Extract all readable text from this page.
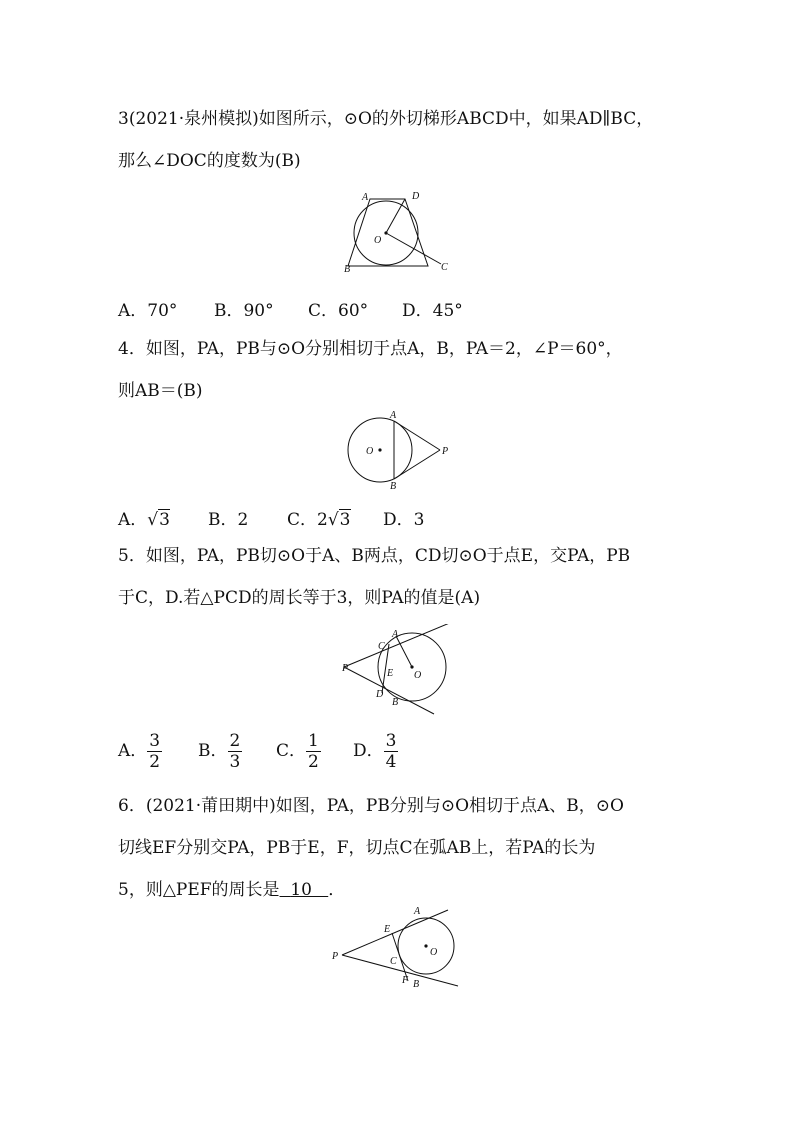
3(2021·泉州模拟)如图所示，⊙O的外切梯形ABCD中，如果AD∥BC，
那么∠DOC的度数为(B)
A	D
O
B	C
A．70° B．90° C．60° D．45°
4．如图，PA，PB与⊙O分别相切于点A，B，PA＝2，∠P＝60°，
则AB＝(B)
A
O	P
B
A．√3 B．2 C．2√3 D．3
5．如图，PA，PB切⊙O于A、B两点，CD切⊙O于点E，交PA，PB
于C，D.若△PCD的周长等于3，则PA的值是(A)
C
A
P	E O
D
B
A． $\frac{3}{2}$ B． $\frac{2}{3}$ C． $\frac{1}{2}$ D． $\frac{3}{4}$
6．(2021·莆田期中)如图，PA，PB分别与⊙O相切于点A、B，⊙O
切线EF分别交PA，PB于E，F，切点C在弧AB上，若PA的长为
5，则△PEF的周长是 10 ．
A
E
P	C
O
F B
